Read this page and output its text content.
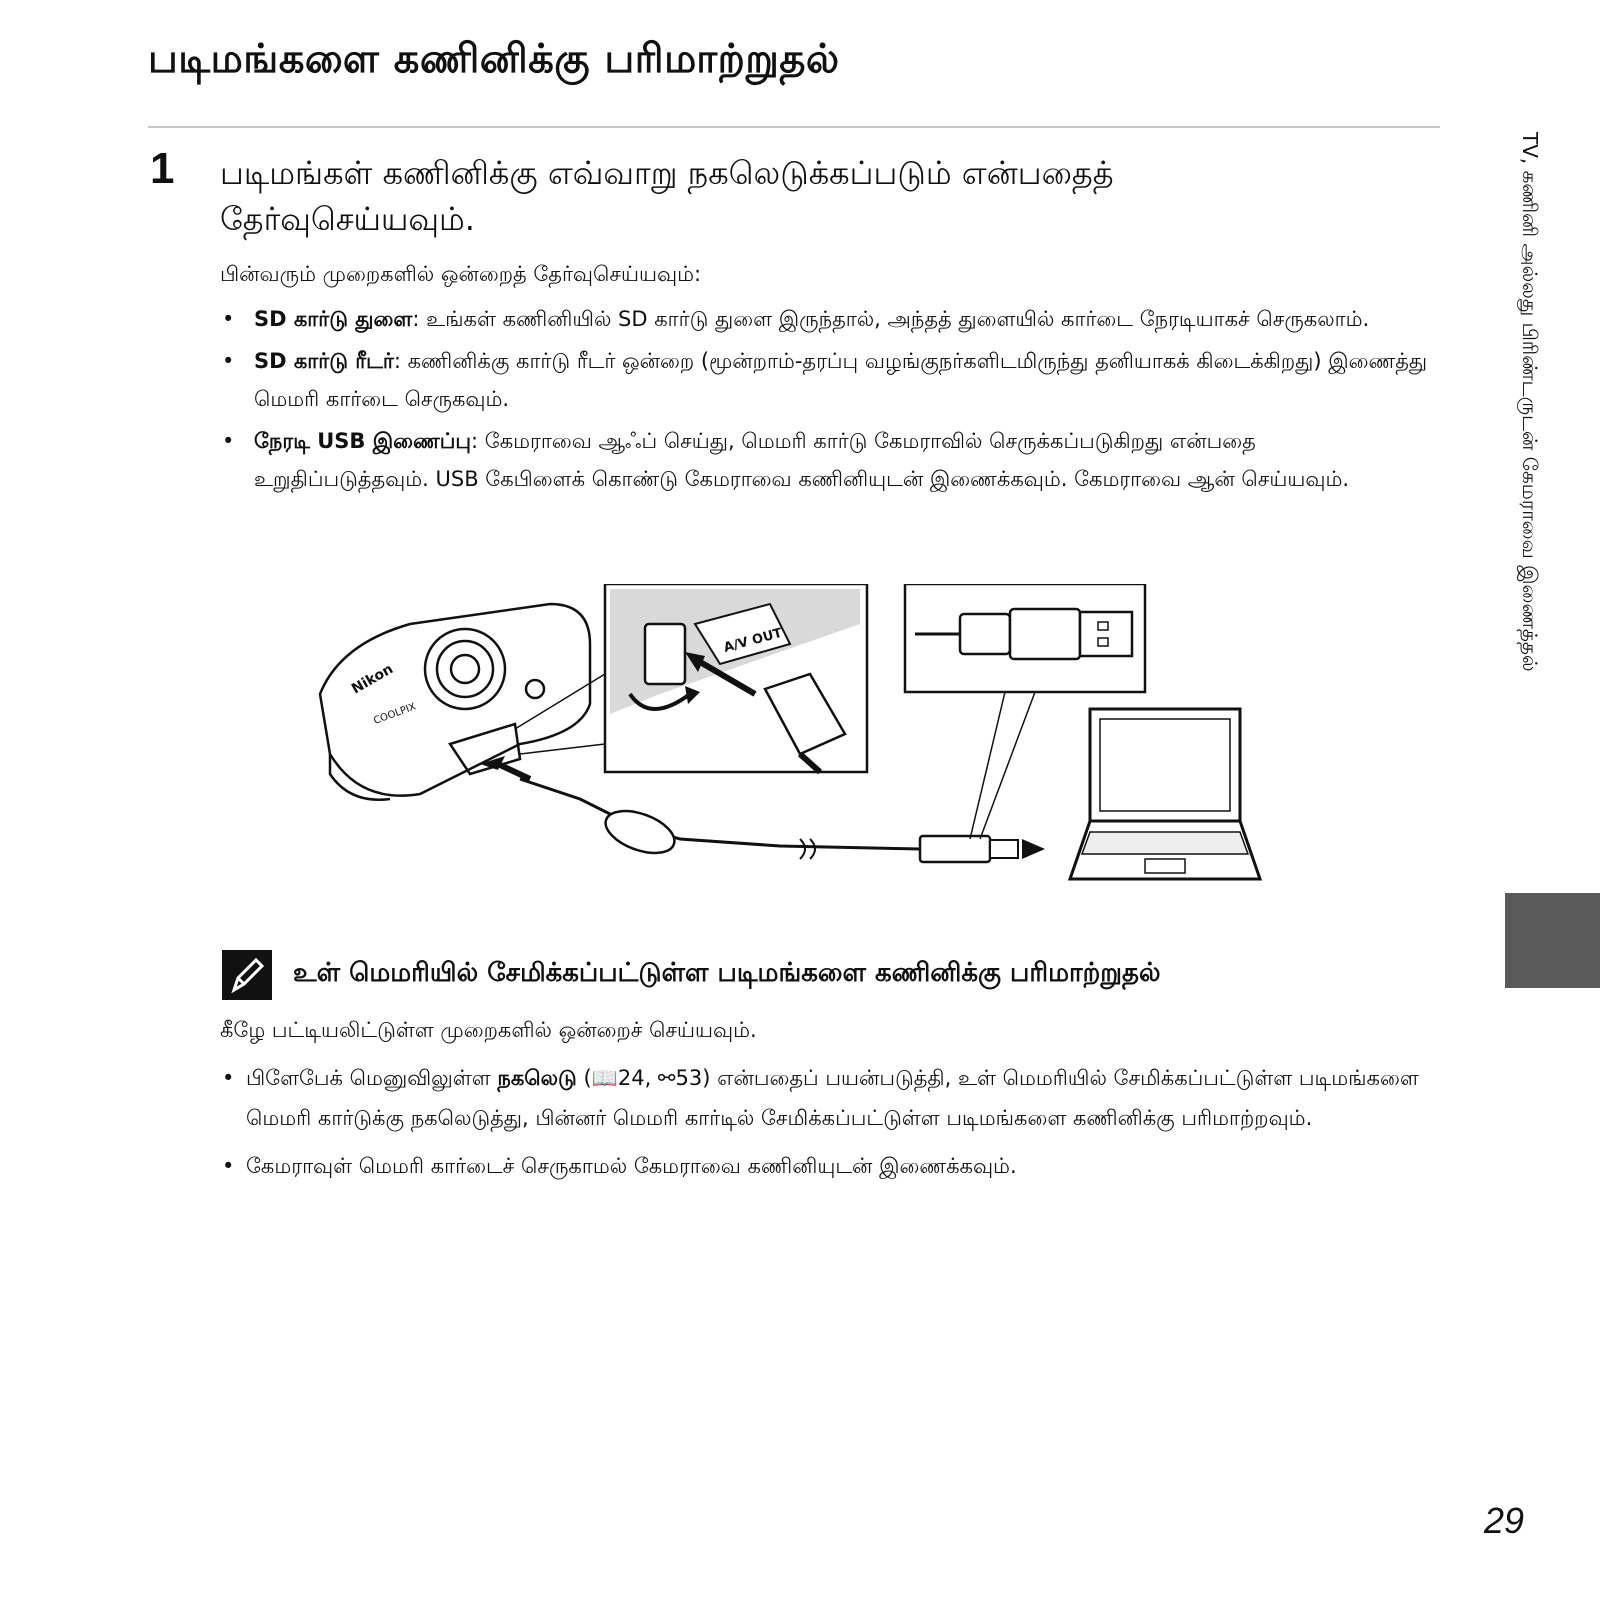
படிமங்களை கணினிக்கு பரிமாற்றுதல்
1 படிமங்கள் கணினிக்கு எவ்வாறு நகலெடுக்கப்படும் என்பதைத் தேர்வுசெய்யவும்.
பின்வரும் முறைகளில் ஒன்றைத் தேர்வுசெய்யவும்:
• SD கார்டு துளை: உங்கள் கணினியில் SD கார்டு துளை இருந்தால், அந்தத் துளையில் கார்டை நேரடியாகச் செருகலாம்.
• SD கார்டு ரீடர்: கணினிக்கு கார்டு ரீடர் ஒன்றை (மூன்றாம்-தரப்பு வழங்குநர்களிடமிருந்து தனியாகக் கிடைக்கிறது) இணைத்து மெமரி கார்டை செருகவும்.
• நேரடி USB இணைப்பு: கேமராவை ஆஃப் செய்து, மெமரி கார்டு கேமராவில் செருக்கப்படுகிறது என்பதை உறுதிப்படுத்தவும். USB கேபிளைக் கொண்டு கேமராவை கணினியுடன் இணைக்கவும். கேமராவை ஆன் செய்யவும்.
Nikon
COOLPIX
A/V OUT
உள் மெமரியில் சேமிக்கப்பட்டுள்ள படிமங்களை கணினிக்கு பரிமாற்றுதல்
கீழே பட்டியலிட்டுள்ள முறைகளில் ஒன்றைச் செய்யவும்.
• பிளேபேக் மெனுவிலுள்ள நகலெடு (📖24, ⚯53) என்பதைப் பயன்படுத்தி, உள் மெமரியில் சேமிக்கப்பட்டுள்ள படிமங்களை மெமரி கார்டுக்கு நகலெடுத்து, பின்னர் மெமரி கார்டில் சேமிக்கப்பட்டுள்ள படிமங்களை கணினிக்கு பரிமாற்றவும்.
• கேமராவுள் மெமரி கார்டைச் செருகாமல் கேமராவை கணினியுடன் இணைக்கவும்.
TV, கணினி அல்லது பிரிண்டருடன் கேமராவை இணைத்தல்
29
